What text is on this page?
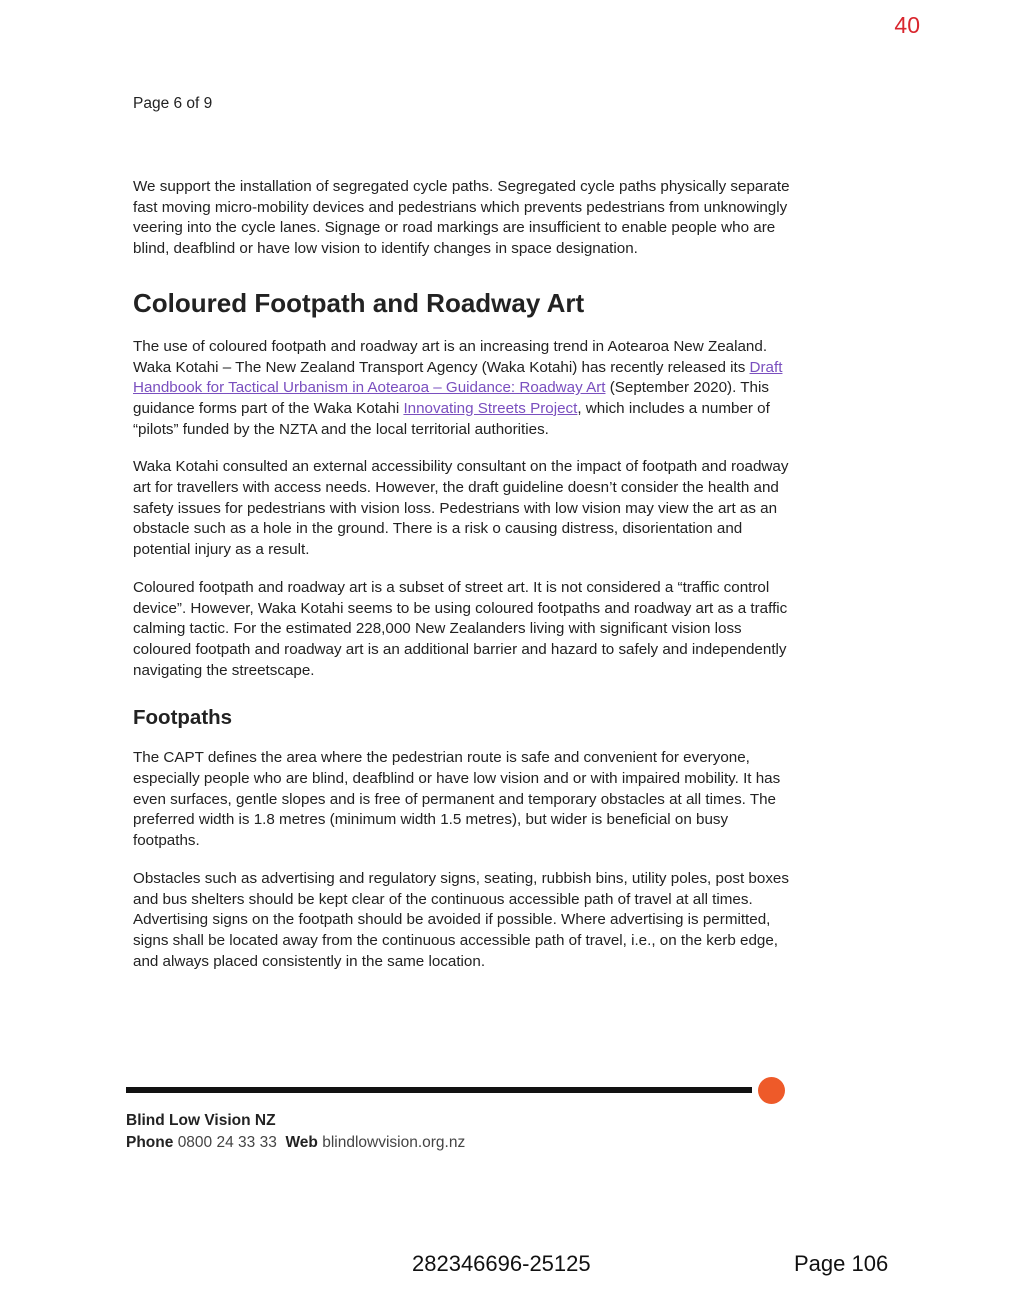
40
Page 6 of 9

We support the installation of segregated cycle paths. Segregated cycle paths physically separate fast moving micro-mobility devices and pedestrians which prevents pedestrians from unknowingly veering into the cycle lanes. Signage or road markings are insufficient to enable people who are blind, deafblind or have low vision to identify changes in space designation.

Coloured Footpath and Roadway Art

The use of coloured footpath and roadway art is an increasing trend in Aotearoa New Zealand. Waka Kotahi – The New Zealand Transport Agency (Waka Kotahi) has recently released its Draft Handbook for Tactical Urbanism in Aotearoa – Guidance: Roadway Art (September 2020). This guidance forms part of the Waka Kotahi Innovating Streets Project, which includes a number of “pilots” funded by the NZTA and the local territorial authorities.

Waka Kotahi consulted an external accessibility consultant on the impact of footpath and roadway art for travellers with access needs. However, the draft guideline doesn’t consider the health and safety issues for pedestrians with vision loss. Pedestrians with low vision may view the art as an obstacle such as a hole in the ground. There is a risk o causing distress, disorientation and potential injury as a result.

Coloured footpath and roadway art is a subset of street art. It is not considered a “traffic control device”. However, Waka Kotahi seems to be using coloured footpaths and roadway art as a traffic calming tactic. For the estimated 228,000 New Zealanders living with significant vision loss coloured footpath and roadway art is an additional barrier and hazard to safely and independently navigating the streetscape.

Footpaths

The CAPT defines the area where the pedestrian route is safe and convenient for everyone, especially people who are blind, deafblind or have low vision and or with impaired mobility. It has even surfaces, gentle slopes and is free of permanent and temporary obstacles at all times. The preferred width is 1.8 metres (minimum width 1.5 metres), but wider is beneficial on busy footpaths.

Obstacles such as advertising and regulatory signs, seating, rubbish bins, utility poles, post boxes and bus shelters should be kept clear of the continuous accessible path of travel at all times. Advertising signs on the footpath should be avoided if possible. Where advertising is permitted, signs shall be located away from the continuous accessible path of travel, i.e., on the kerb edge, and always placed consistently in the same location.

Blind Low Vision NZ
Phone 0800 24 33 33 Web blindlowvision.org.nz
282346696-25125	Page 106
